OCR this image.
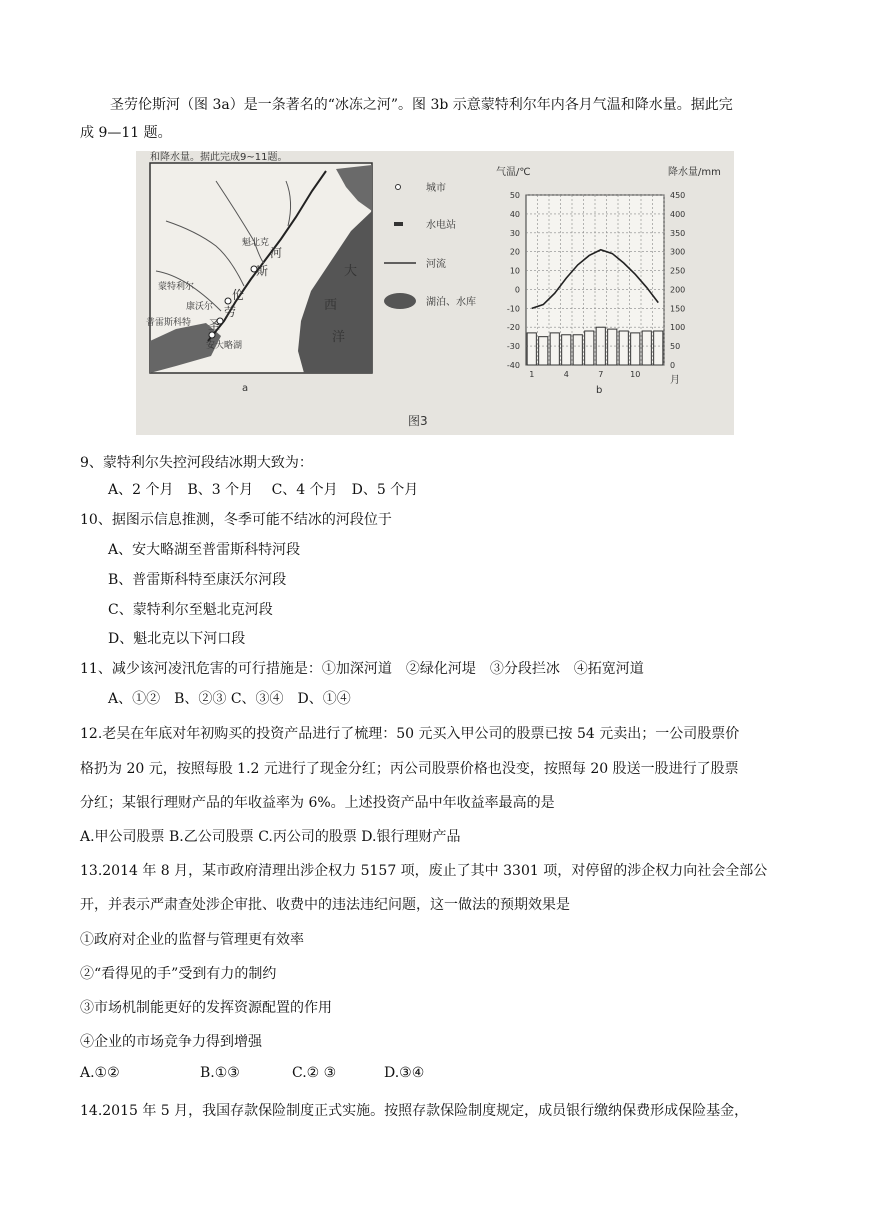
圣劳伦斯河（图 3a）是一条著名的“冰冻之河”。图 3b 示意蒙特利尔年内各月气温和降水量。据此完
成 9—11 题。
和降水量。据此完成9~11题。
魁北克
蒙特利尔
康沃尔
普雷斯科特
安大略湖
圣
劳
伦
斯
河
大
西
洋
a
城市
水电站
河流
湖泊、水库
气温/℃	降水量/mm
50
40
30
20
10
0
-10
-20
-30
-40
450
400
350
300
250
200
150
100
50
0
1	4	7	10
月
b
图3
9、蒙特利尔失控河段结冰期大致为：
A、2 个月　B、3 个月　 C、4 个月　D、5 个月
10、据图示信息推测，冬季可能不结冰的河段位于
A、安大略湖至普雷斯科特河段
B、普雷斯科特至康沃尔河段
C、蒙特利尔至魁北克河段
D、魁北克以下河口段
11、减少该河凌汛危害的可行措施是：①加深河道　②绿化河堤　③分段拦冰　④拓宽河道
A、①②　B、②③ C、③④　D、①④
12.老吴在年底对年初购买的投资产品进行了梳理：50 元买入甲公司的股票已按 54 元卖出；一公司股票价
格扔为 20 元，按照每股 1.2 元进行了现金分红；丙公司股票价格也没变，按照每 20 股送一股进行了股票
分红；某银行理财产品的年收益率为 6%。上述投资产品中年收益率最高的是
A.甲公司股票 B.乙公司股票 C.丙公司的股票 D.银行理财产品
13.2014 年 8 月，某市政府清理出涉企权力 5157 项，废止了其中 3301 项，对停留的涉企权力向社会全部公
开，并表示严肃查处涉企审批、收费中的违法违纪问题，这一做法的预期效果是
①政府对企业的监督与管理更有效率
②“看得见的手”受到有力的制约
③市场机制能更好的发挥资源配置的作用
④企业的市场竞争力得到增强
A.①②	B.①③	C.② ③	D.③④
14.2015 年 5 月，我国存款保险制度正式实施。按照存款保险制度规定，成员银行缴纳保费形成保险基金，
